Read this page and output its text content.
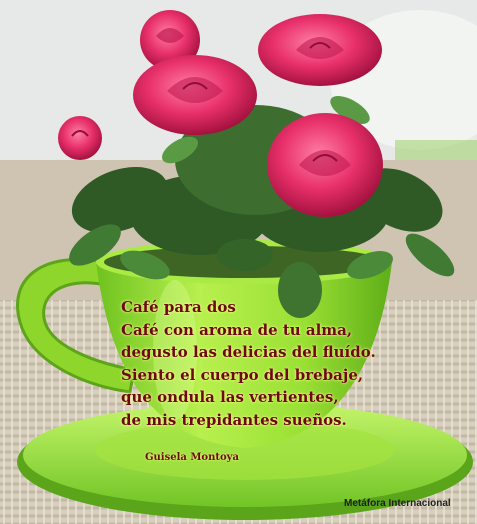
Café para dos
Café con aroma de tu alma,
degusto las delicias del fluído.
Siento el cuerpo del brebaje,
que ondula las vertientes,
de mis trepidantes sueños.
Guisela Montoya
Metáfora Internacional
